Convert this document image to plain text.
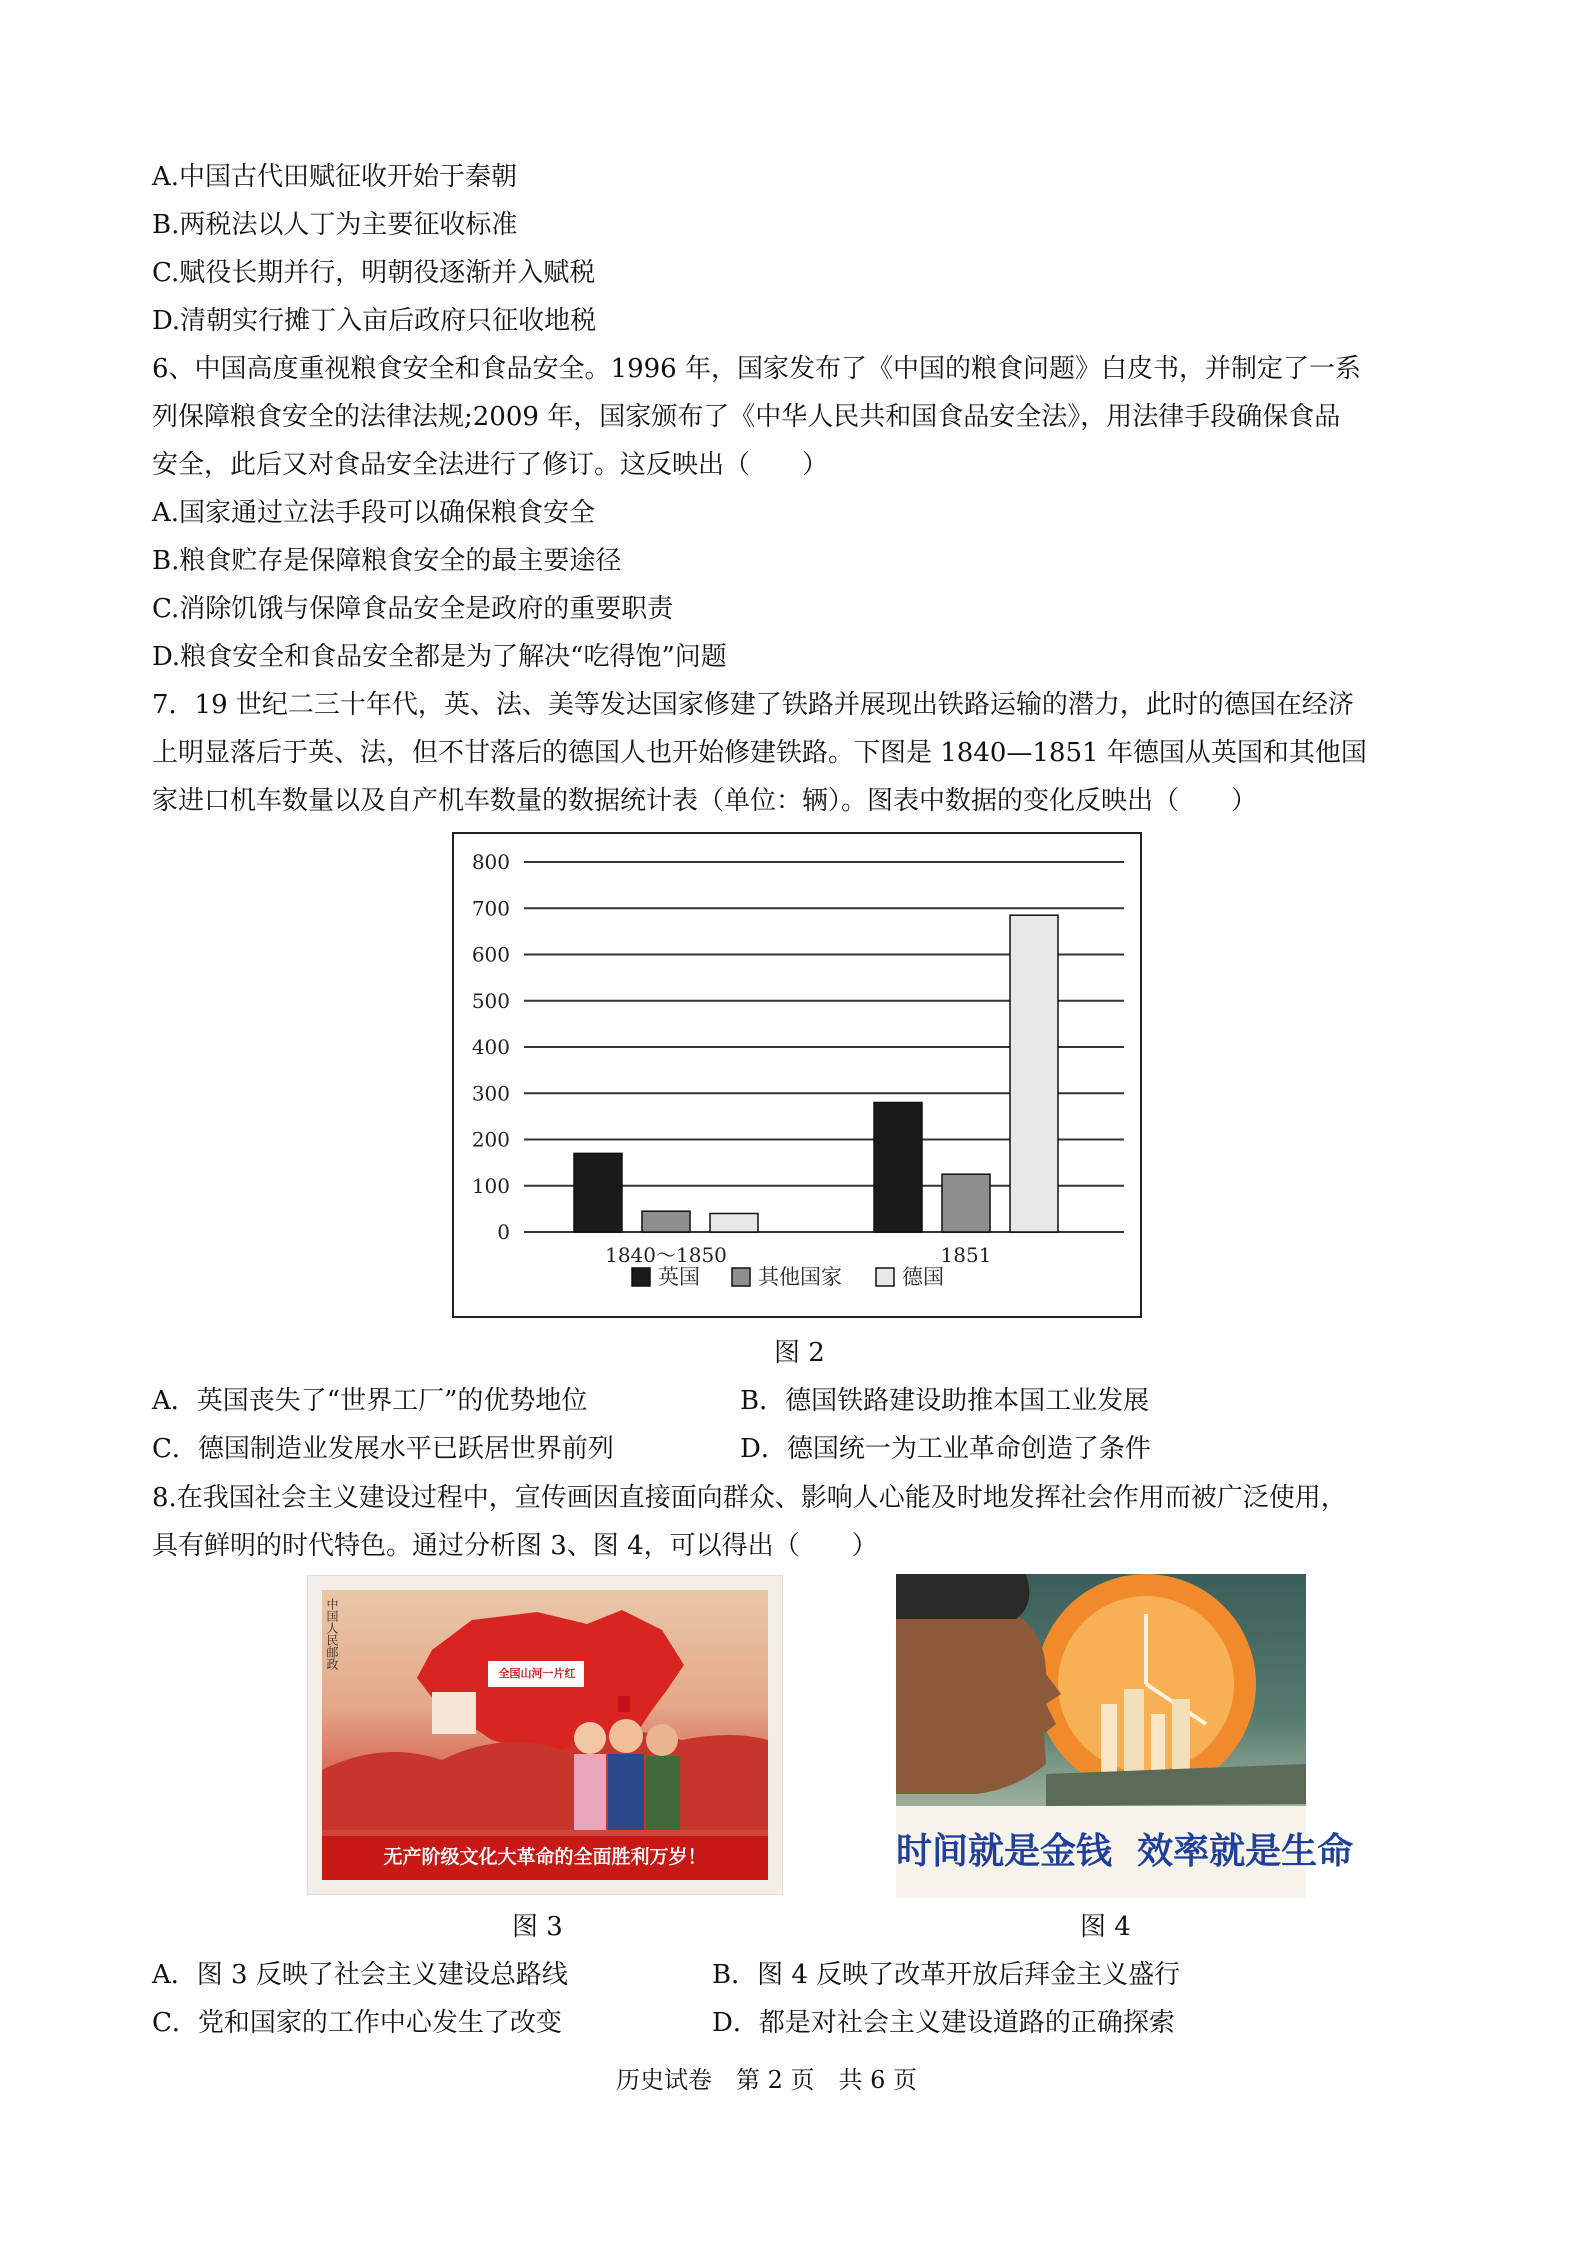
A.中国古代田赋征收开始于秦朝
B.两税法以人丁为主要征收标准
C.赋役长期并行，明朝役逐渐并入赋税
D.清朝实行摊丁入亩后政府只征收地税
6、中国高度重视粮食安全和食品安全。1996 年，国家发布了《中国的粮食问题》白皮书，并制定了一系
列保障粮食安全的法律法规;2009 年，国家颁布了《中华人民共和国食品安全法》，用法律手段确保食品
安全，此后又对食品安全法进行了修订。这反映出（　　）
A.国家通过立法手段可以确保粮食安全
B.粮食贮存是保障粮食安全的最主要途径
C.消除饥饿与保障食品安全是政府的重要职责
D.粮食安全和食品安全都是为了解决“吃得饱”问题
7．19 世纪二三十年代，英、法、美等发达国家修建了铁路并展现出铁路运输的潜力，此时的德国在经济
上明显落后于英、法，但不甘落后的德国人也开始修建铁路。下图是 1840—1851 年德国从英国和其他国
家进口机车数量以及自产机车数量的数据统计表（单位：辆）。图表中数据的变化反映出（　　）
0
100
200
300
400
500
600
700
800
1840～1850	1851
英国	其他国家	德国
图 2
A．英国丧失了“世界工厂”的优势地位	B．德国铁路建设助推本国工业发展
C．德国制造业发展水平已跃居世界前列	D．德国统一为工业革命创造了条件
8.在我国社会主义建设过程中，宣传画因直接面向群众、影响人心能及时地发挥社会作用而被广泛使用，
具有鲜明的时代特色。通过分析图 3、图 4，可以得出（　　）
全国山河一片红
中国人民邮政
无产阶级文化大革命的全面胜利万岁！	时间就是金钱  效率就是生命
图 3	图 4
A．图 3 反映了社会主义建设总路线	B．图 4 反映了改革开放后拜金主义盛行
C．党和国家的工作中心发生了改变	D．都是对社会主义建设道路的正确探索
历史试卷　第 2 页　共 6 页
